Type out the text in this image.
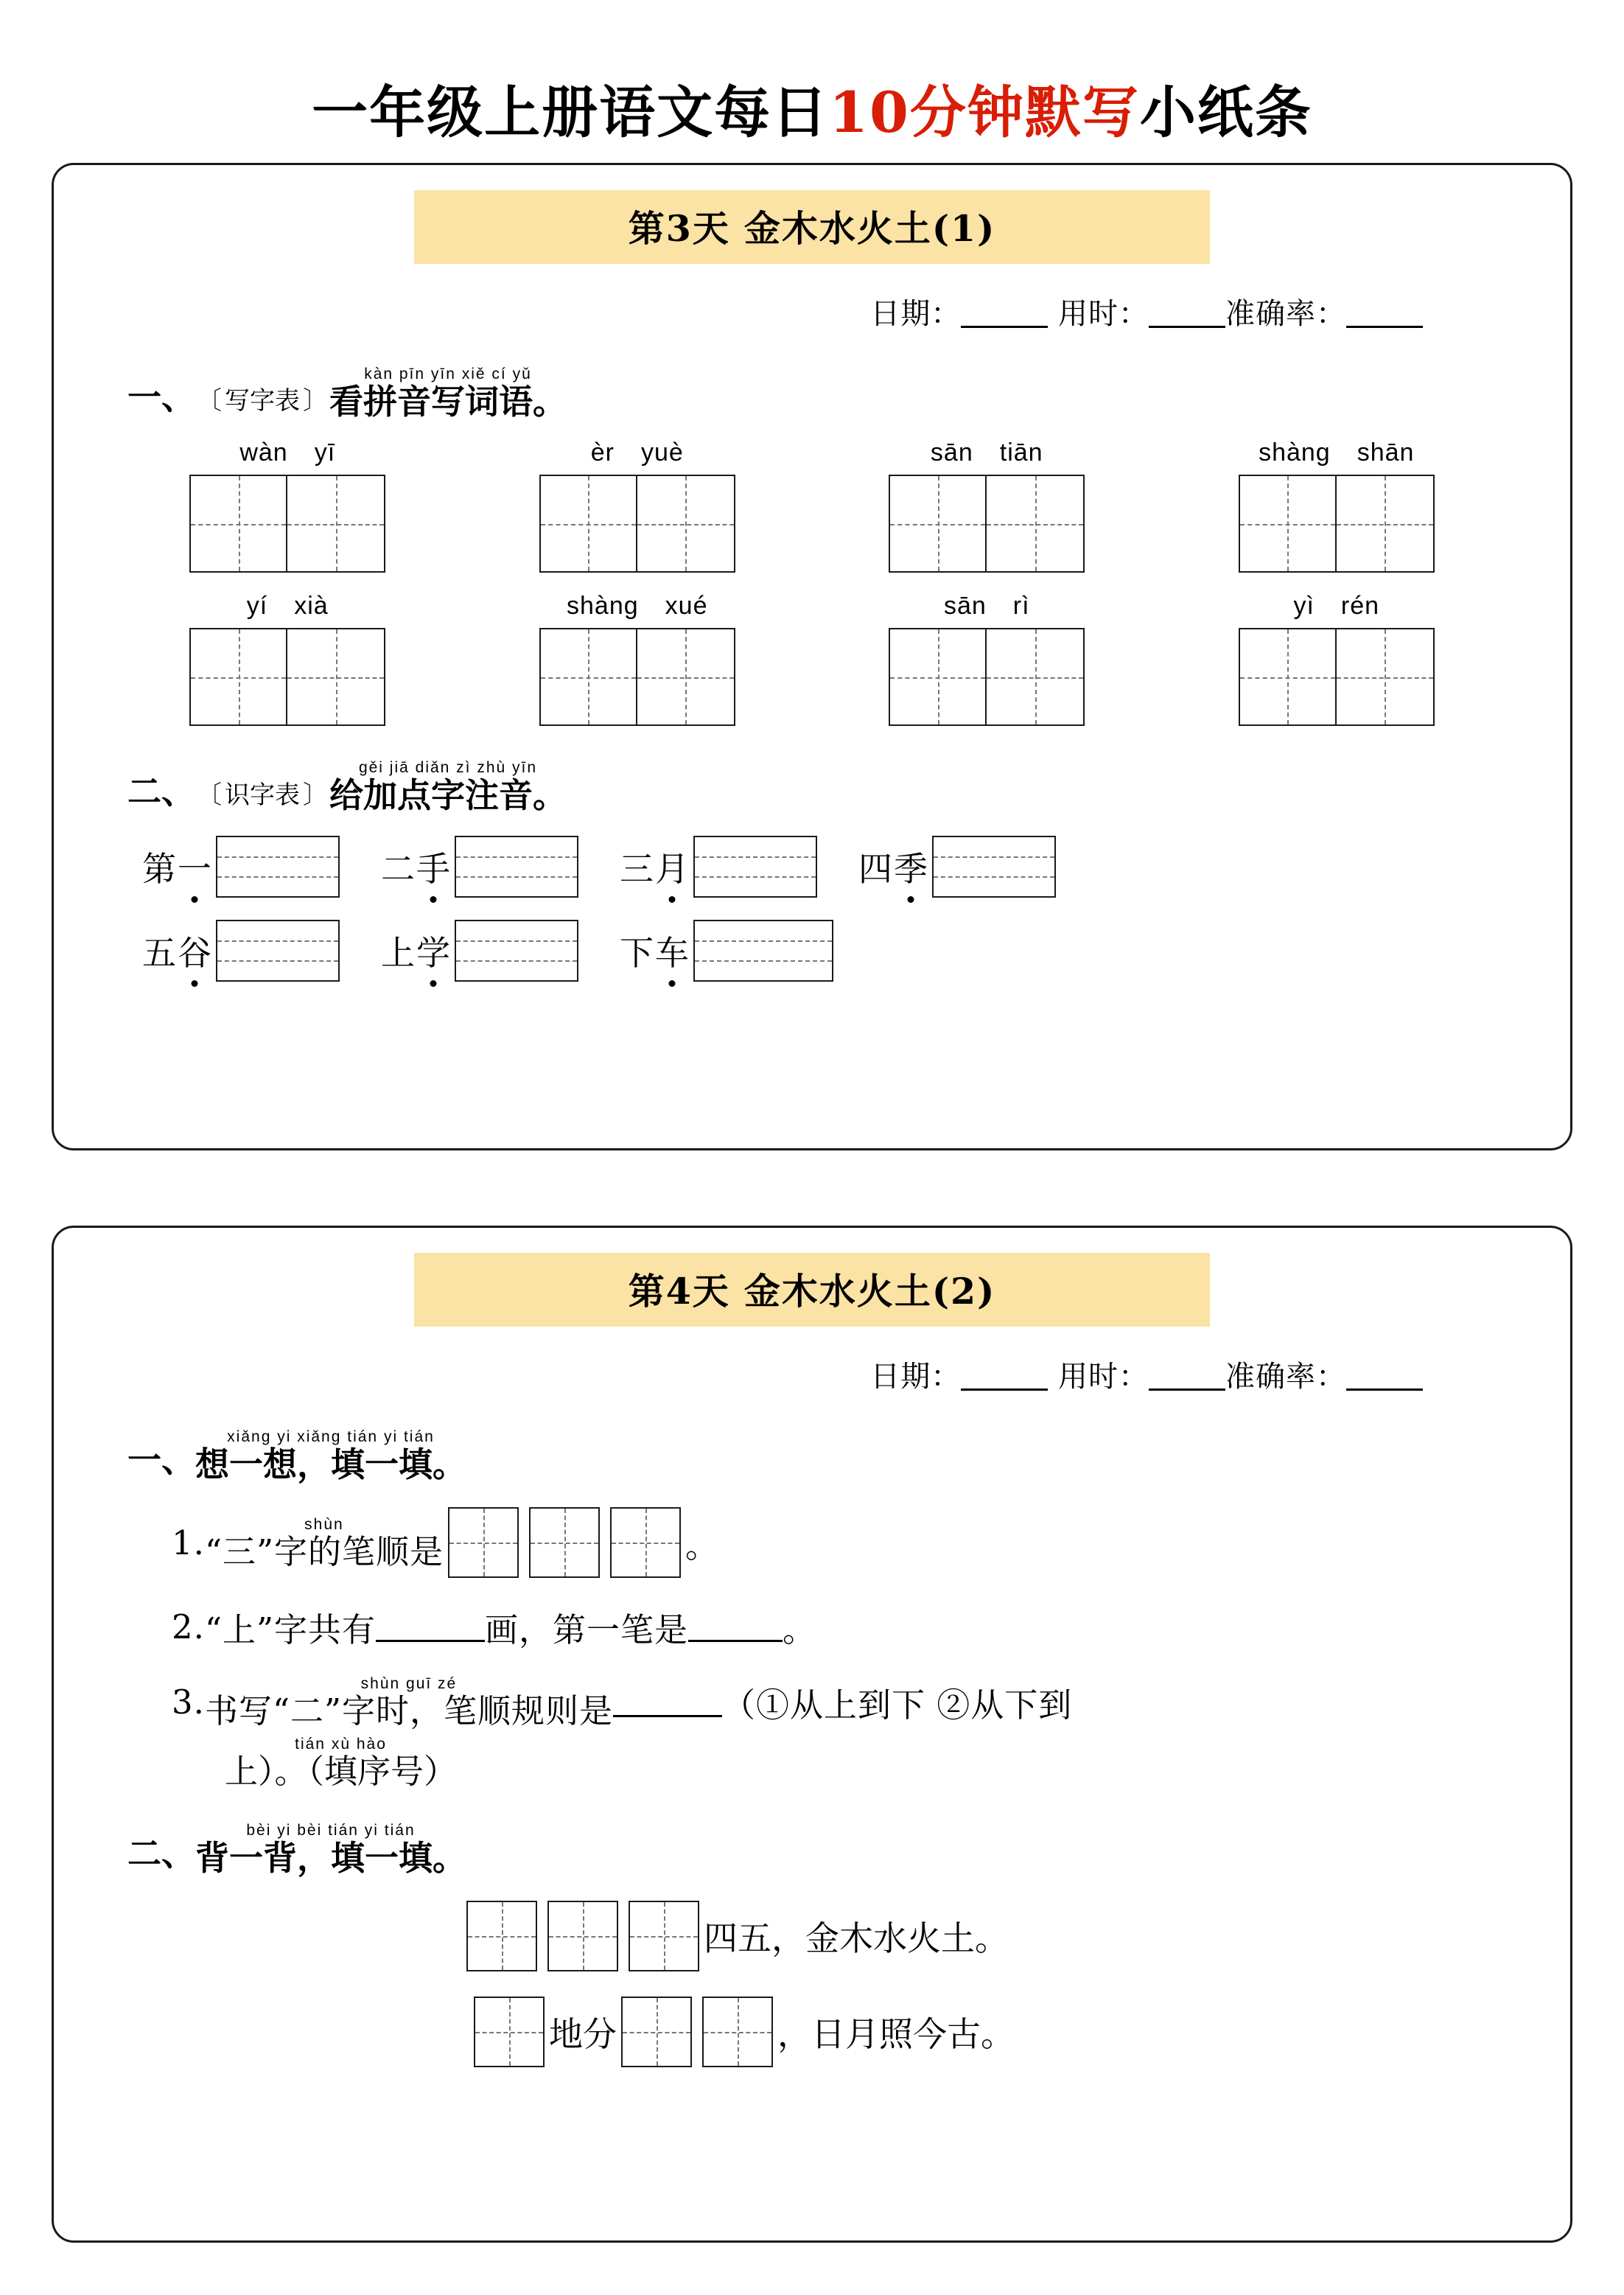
一年级上册语文每日10分钟默写小纸条
第3天 金木水火土(1)
日期：	用时：	准确率：
一、 〔 写字表 〕
kàn pīn yīn xiě cí yǔ
看拼音写词语。
wàn yī	èr yuè	sān tiān	shàng shān
yí xià	shàng xué	sān rì	yì rén
二、 〔 识字表 〕
gěi jiā diǎn zì zhù yīn
给加点字注音。
第 一	二 手	三 月	四 季
五 谷	上 学	下 车
第4天 金木水火土(2)
日期：	用时：	准确率：
一、
xiǎng yi xiǎng tián yi tián
想一想，填一填。
1.	shùn
“三”字的笔顺是	。
2. “上”字共有	画，第一笔是	。
3.	shùn guī zé
书写“二”字时，笔顺规则是	（①从上到下 ②从下到
tián xù hào
上）。（填序号）
二、
bèi yi bèi tián yi tián
背一背，填一填。
四五，金木水火土。
地分	，日月照今古。
